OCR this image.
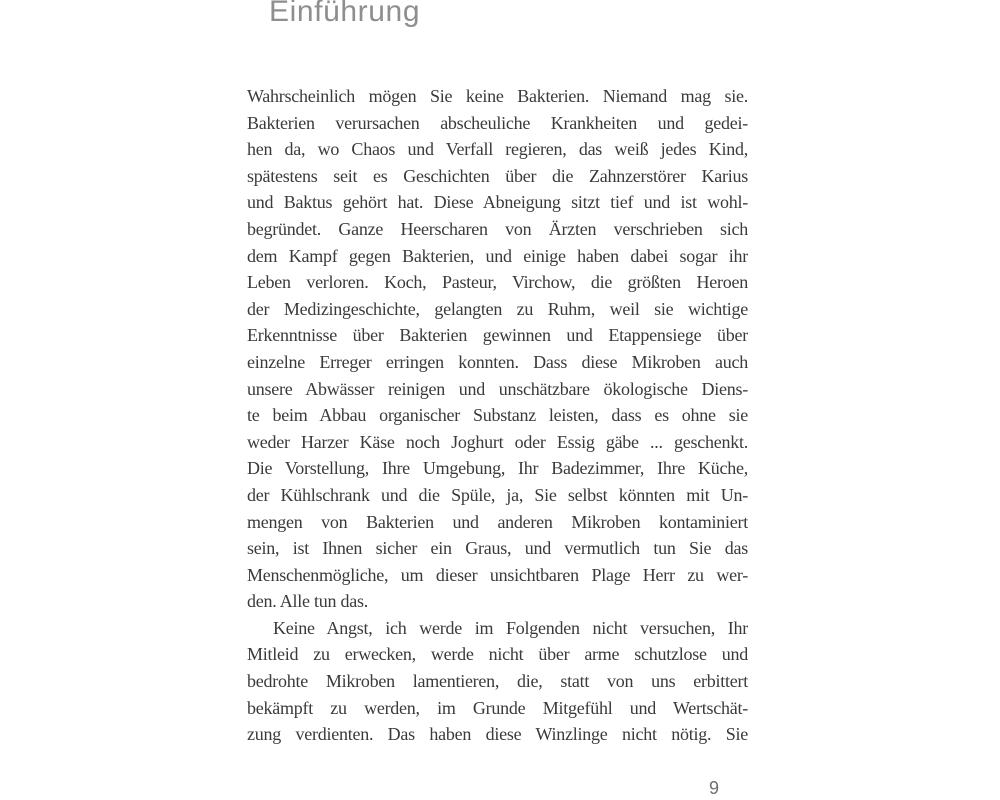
Einführung

Wahrscheinlich mögen Sie keine Bakterien. Niemand mag sie.

Bakterien verursachen abscheuliche Krankheiten und gedei-

hen da, wo Chaos und Verfall regieren, das weiß jedes Kind,

spätestens seit es Geschichten über die Zahnzerstörer Karius

und Baktus gehört hat. Diese Abneigung sitzt tief und ist wohl-

begründet. Ganze Heerscharen von Ärzten verschrieben sich

dem Kampf gegen Bakterien, und einige haben dabei sogar ihr

Leben verloren. Koch, Pasteur, Virchow, die größten Heroen

der Medizingeschichte, gelangten zu Ruhm, weil sie wichtige

Erkenntnisse über Bakterien gewinnen und Etappensiege über

einzelne Erreger erringen konnten. Dass diese Mikroben auch

unsere Abwässer reinigen und unschätzbare ökologische Diens-

te beim Abbau organischer Substanz leisten, dass es ohne sie

weder Harzer Käse noch Joghurt oder Essig gäbe ... geschenkt.

Die Vorstellung, Ihre Umgebung, Ihr Badezimmer, Ihre Küche,

der Kühlschrank und die Spüle, ja, Sie selbst könnten mit Un-

mengen von Bakterien und anderen Mikroben kontaminiert

sein, ist Ihnen sicher ein Graus, und vermutlich tun Sie das

Menschenmögliche, um dieser unsichtbaren Plage Herr zu wer-

den. Alle tun das.

Keine Angst, ich werde im Folgenden nicht versuchen, Ihr

Mitleid zu erwecken, werde nicht über arme schutzlose und

bedrohte Mikroben lamentieren, die, statt von uns erbittert

bekämpft zu werden, im Grunde Mitgefühl und Wertschät-

zung verdienten. Das haben diese Winzlinge nicht nötig. Sie

9
